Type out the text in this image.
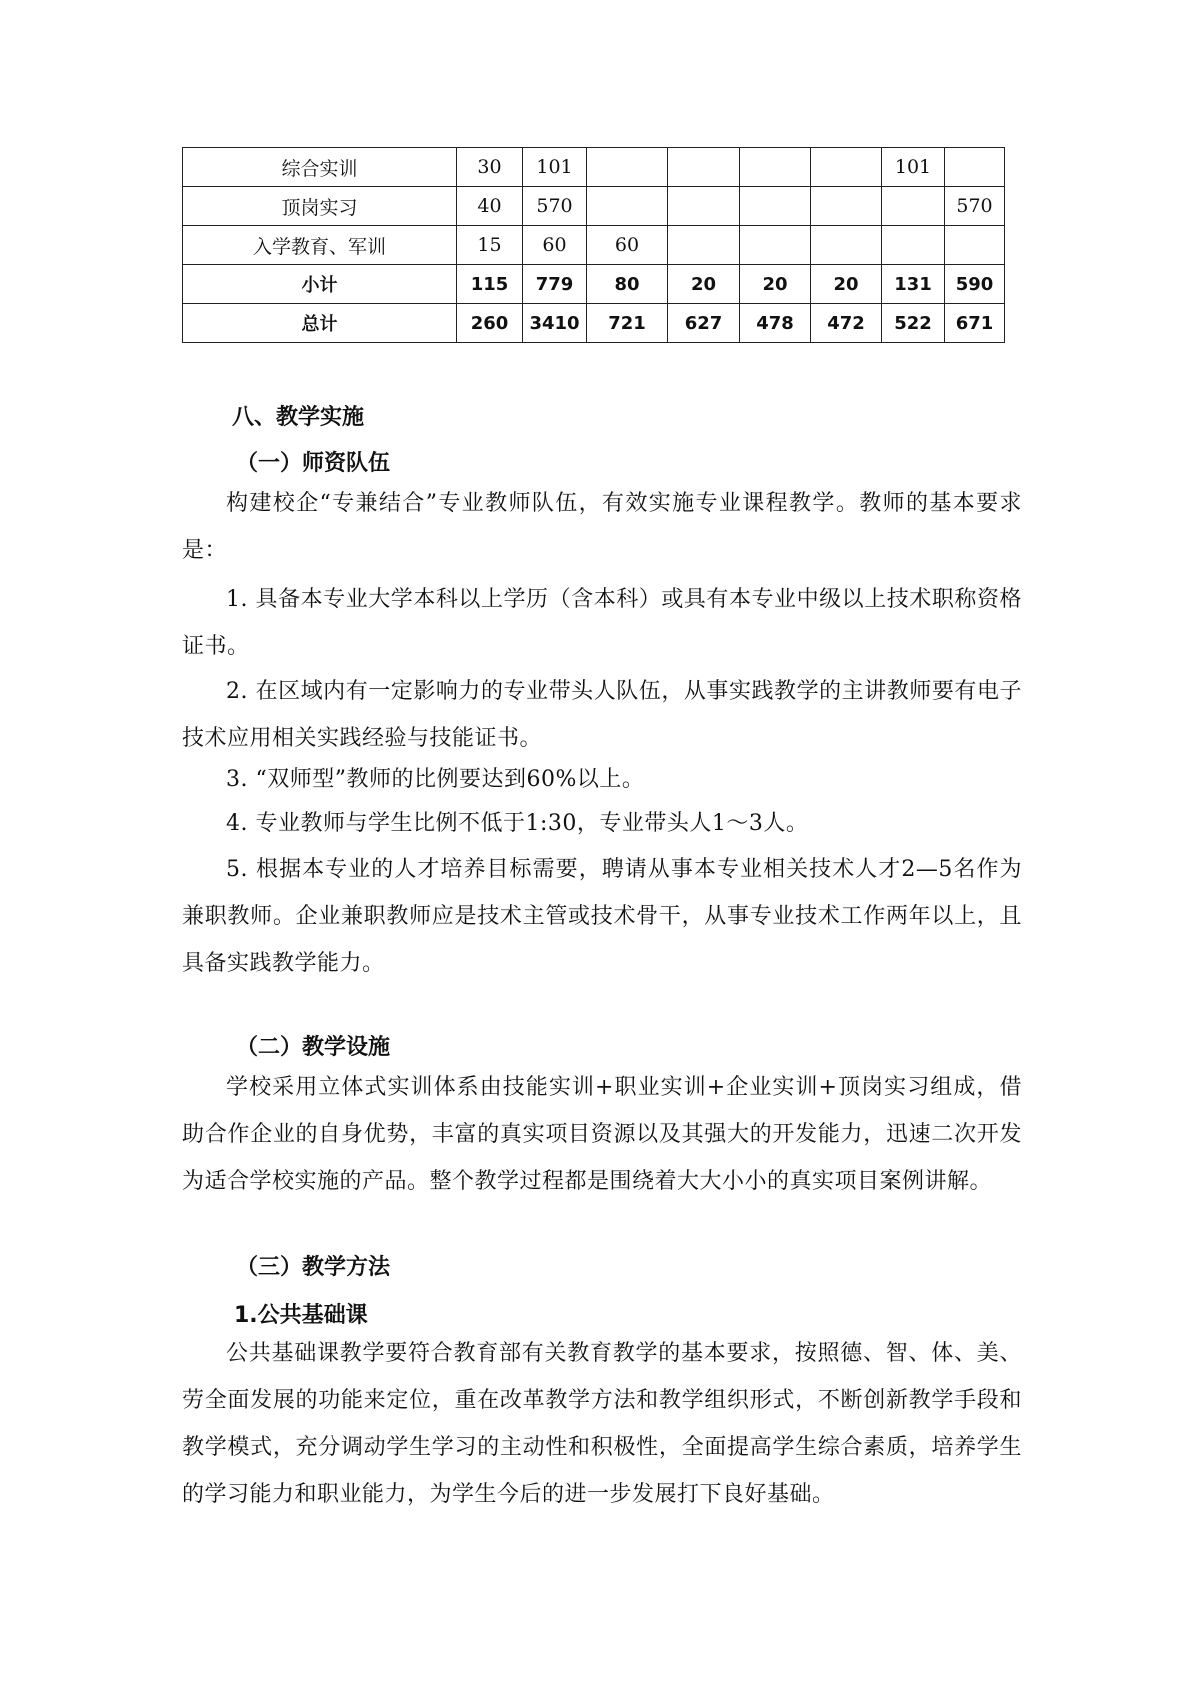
综合实训	30	101					101	
顶岗实习	40	570						570
入学教育、军训	15	60	60					
小计	115	779	80	20	20	20	131	590
总计	260	3410	721	627	478	472	522	671
八、教学实施
（一）师资队伍
构建校企“专兼结合”专业教师队伍，有效实施专业课程教学。教师的基本要求是：
1. 具备本专业大学本科以上学历（含本科）或具有本专业中级以上技术职称资格证书。
2. 在区域内有一定影响力的专业带头人队伍，从事实践教学的主讲教师要有电子技术应用相关实践经验与技能证书。
3. “双师型”教师的比例要达到60%以上。
4. 专业教师与学生比例不低于1:30，专业带头人1～3人。
5. 根据本专业的人才培养目标需要，聘请从事本专业相关技术人才2—5名作为兼职教师。企业兼职教师应是技术主管或技术骨干，从事专业技术工作两年以上，且具备实践教学能力。
（二）教学设施
学校采用立体式实训体系由技能实训+职业实训+企业实训+顶岗实习组成，借助合作企业的自身优势，丰富的真实项目资源以及其强大的开发能力，迅速二次开发为适合学校实施的产品。整个教学过程都是围绕着大大小小的真实项目案例讲解。
（三）教学方法
1.公共基础课
公共基础课教学要符合教育部有关教育教学的基本要求，按照德、智、体、美、劳全面发展的功能来定位，重在改革教学方法和教学组织形式，不断创新教学手段和教学模式，充分调动学生学习的主动性和积极性，全面提高学生综合素质，培养学生的学习能力和职业能力，为学生今后的进一步发展打下良好基础。
